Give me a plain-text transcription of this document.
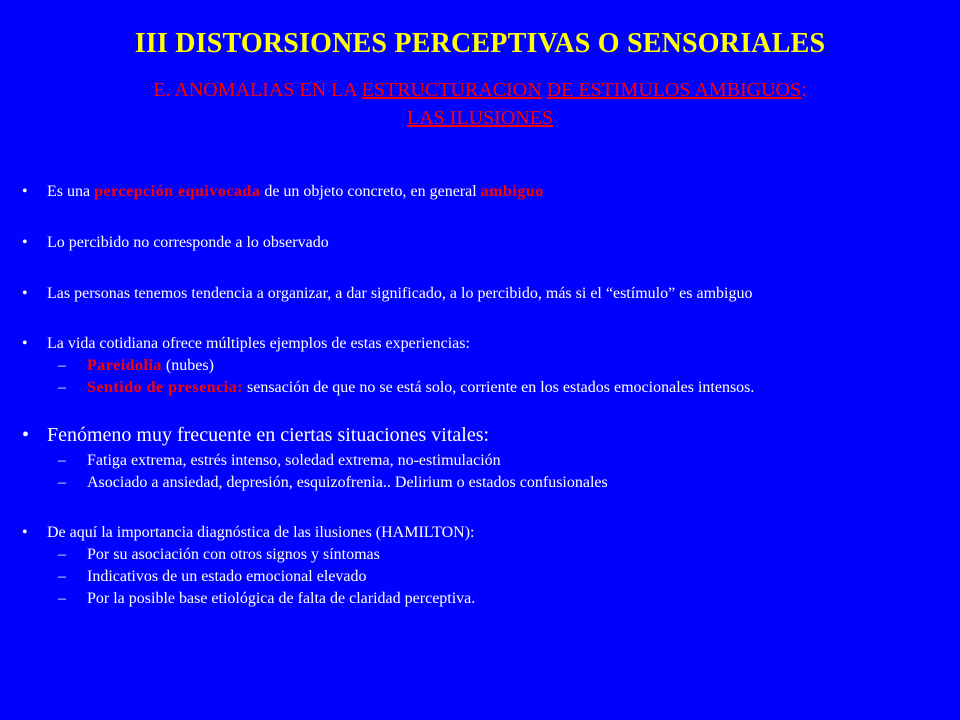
III DISTORSIONES PERCEPTIVAS O SENSORIALES
E. ANOMALIAS EN LA ESTRUCTURACION DE ESTIMULOS AMBIGUOS:
LAS ILUSIONES
• Es una percepción equivocada de un objeto concreto, en general ambiguo
• Lo percibido no corresponde a lo observado
• Las personas tenemos tendencia a organizar, a dar significado, a lo percibido, más si el “estímulo” es ambiguo
• La vida cotidiana ofrece múltiples ejemplos de estas experiencias:
– Pareidolia (nubes)
– Sentido de presencia: sensación de que no se está solo, corriente en los estados emocionales intensos.
• Fenómeno muy frecuente en ciertas situaciones vitales:
– Fatiga extrema, estrés intenso, soledad extrema, no-estimulación
– Asociado a ansiedad, depresión, esquizofrenia.. Delirium o estados confusionales
• De aquí la importancia diagnóstica de las ilusiones (HAMILTON):
– Por su asociación con otros signos y síntomas
– Indicativos de un estado emocional elevado
– Por la posible base etiológica de falta de claridad perceptiva.
